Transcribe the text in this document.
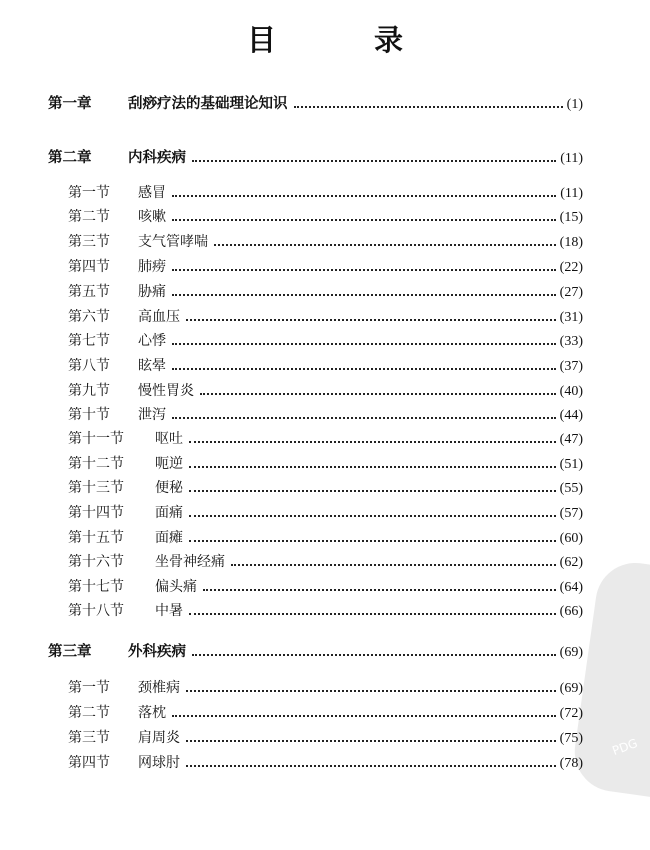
PDG
目 录
第一章	刮痧疗法的基础理论知识	(1)
第二章	内科疾病	(11)
第一节	感冒	(11)
第二节	咳嗽	(15)
第三节	支气管哮喘	(18)
第四节	肺痨	(22)
第五节	胁痛	(27)
第六节	高血压	(31)
第七节	心悸	(33)
第八节	眩晕	(37)
第九节	慢性胃炎	(40)
第十节	泄泻	(44)
第十一节	呕吐	(47)
第十二节	呃逆	(51)
第十三节	便秘	(55)
第十四节	面痛	(57)
第十五节	面瘫	(60)
第十六节	坐骨神经痛	(62)
第十七节	偏头痛	(64)
第十八节	中暑	(66)
第三章	外科疾病	(69)
第一节	颈椎病	(69)
第二节	落枕	(72)
第三节	肩周炎	(75)
第四节	网球肘	(78)
